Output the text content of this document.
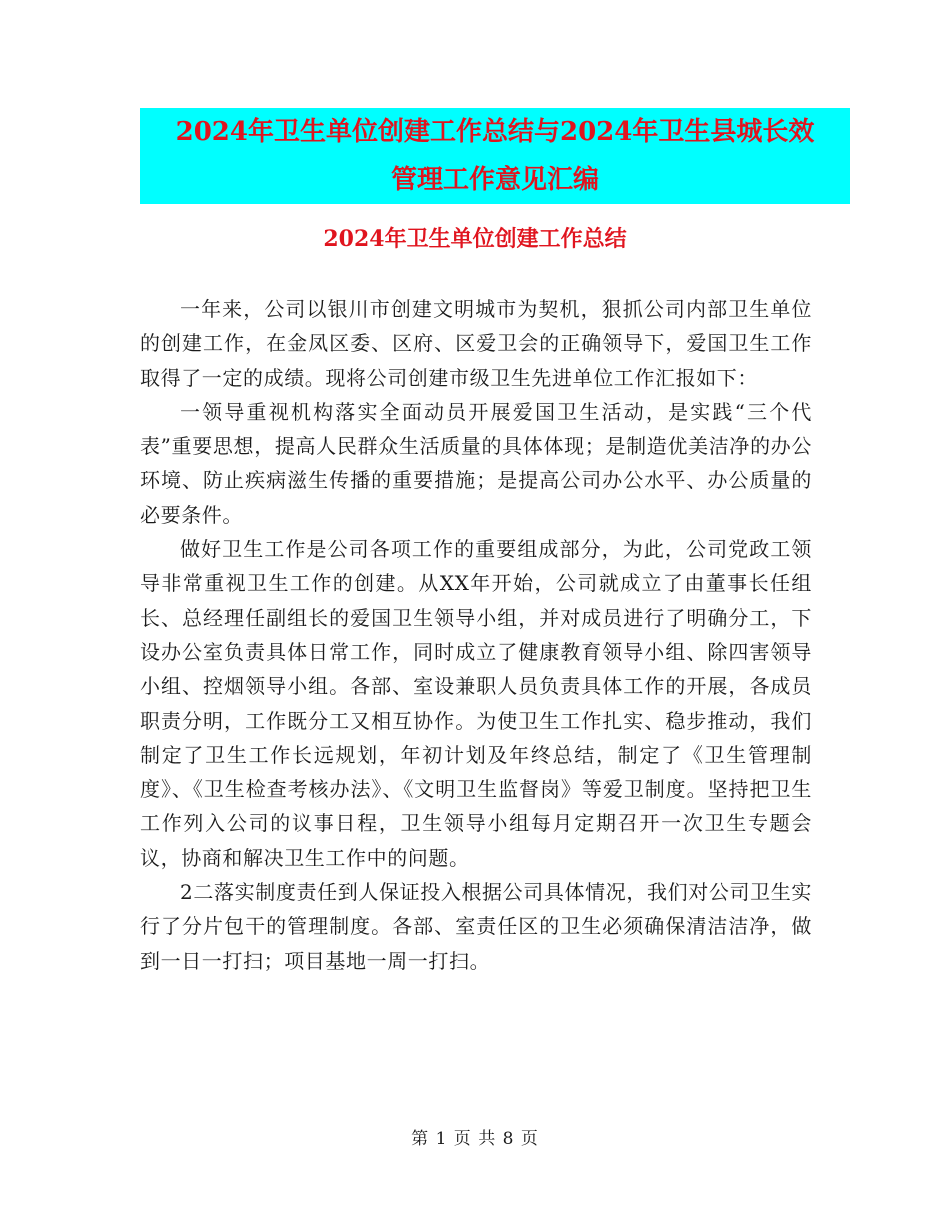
2024年卫生单位创建工作总结与2024年卫生县城长效
管理工作意见汇编
2024年卫生单位创建工作总结

一年来，公司以银川市创建文明城市为契机，狠抓公司内部卫生单位的创建工作，在金凤区委、区府、区爱卫会的正确领导下，爱国卫生工作取得了一定的成绩。现将公司创建市级卫生先进单位工作汇报如下：

一领导重视机构落实全面动员开展爱国卫生活动，是实践“三个代表”重要思想，提高人民群众生活质量的具体体现；是制造优美洁净的办公环境、防止疾病滋生传播的重要措施；是提高公司办公水平、办公质量的必要条件。

做好卫生工作是公司各项工作的重要组成部分，为此，公司党政工领导非常重视卫生工作的创建。从XX年开始，公司就成立了由董事长任组长、总经理任副组长的爱国卫生领导小组，并对成员进行了明确分工，下设办公室负责具体日常工作，同时成立了健康教育领导小组、除四害领导小组、控烟领导小组。各部、室设兼职人员负责具体工作的开展，各成员职责分明，工作既分工又相互协作。为使卫生工作扎实、稳步推动，我们制定了卫生工作长远规划，年初计划及年终总结，制定了《卫生管理制度》、《卫生检查考核办法》、《文明卫生监督岗》等爱卫制度。坚持把卫生工作列入公司的议事日程，卫生领导小组每月定期召开一次卫生专题会议，协商和解决卫生工作中的问题。

2二落实制度责任到人保证投入根据公司具体情况，我们对公司卫生实行了分片包干的管理制度。各部、室责任区的卫生必须确保清洁洁净，做到一日一打扫；项目基地一周一打扫。

第 1 页 共 8 页
